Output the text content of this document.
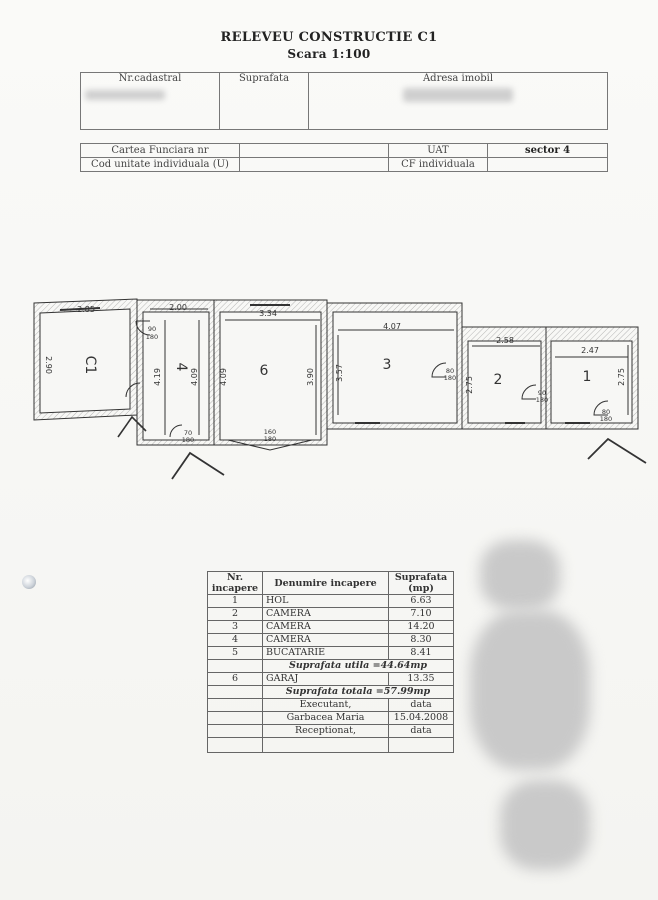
RELEVEU CONSTRUCTIE C1
Scara 1:100
Nr.cadastral	Suprafata	Adresa imobil
Cartea Funciara nr		UAT	sector 4
Cod unitate individuala (U)		CF individuala	
2.85
2.90
2.00
3.34
4.07
2.58
2.47
4.19	4.09	4.09	3.90	3.57
2.75	2.75
90
180
70
180
160
180
80
180
90
180
80
180
C1	4	6	3
2	1
Nr.
incapere	Denumire incapere	Suprafata
(mp)
1	HOL	6.63
2	CAMERA	7.10
3	CAMERA	14.20
4	CAMERA	8.30
5	BUCATARIE	8.41
	Suprafata utila =44.64mp	
6	GARAJ	13.35
	Suprafata totala =57.99mp	
	Executant,	data
	Garbacea Maria	15.04.2008
	Receptionat,	data
